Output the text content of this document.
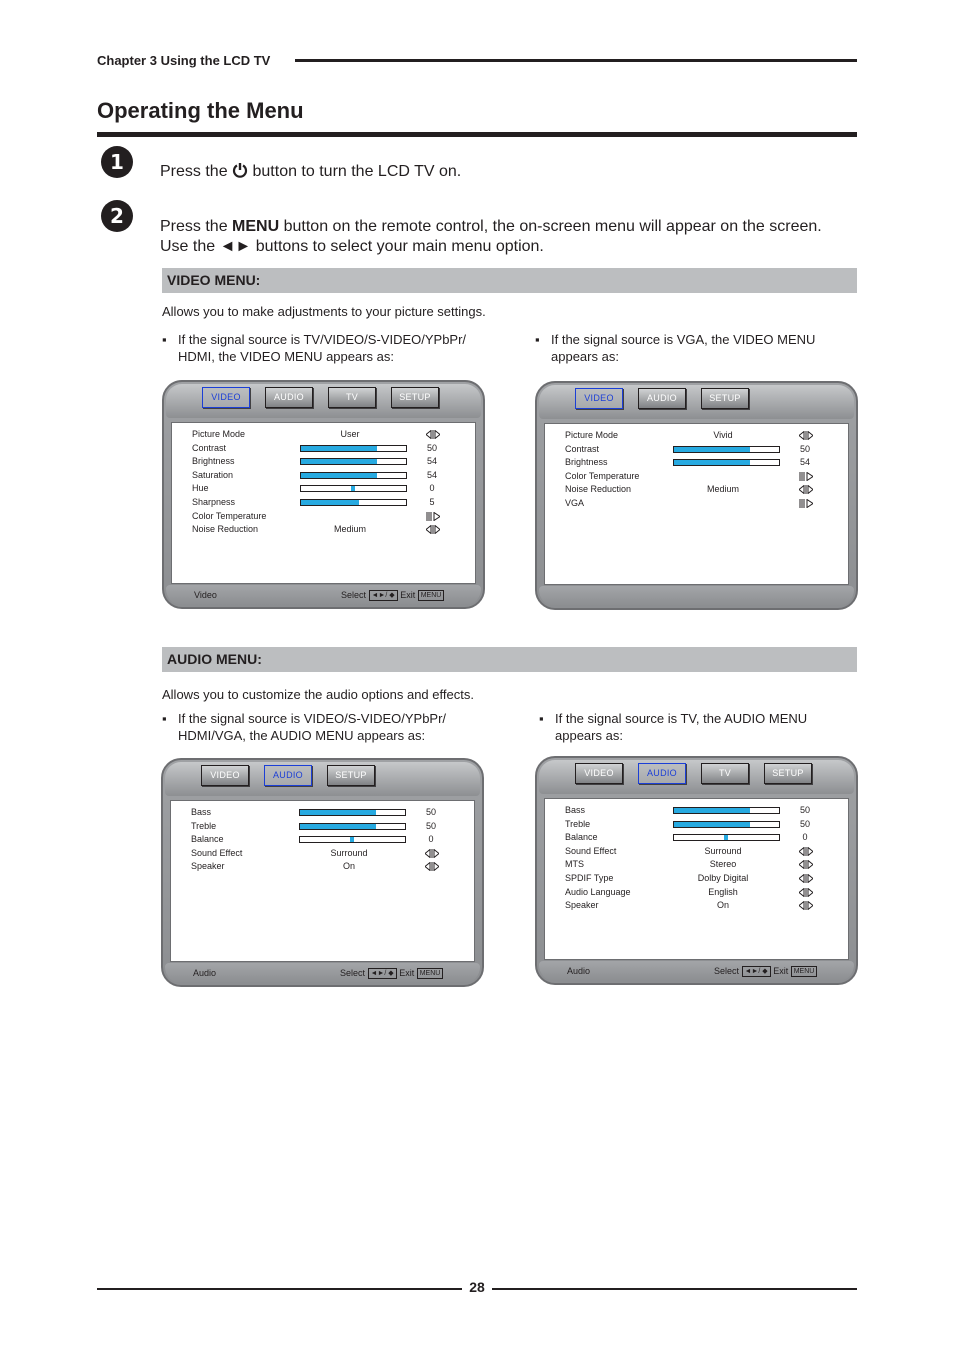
Chapter 3 Using the LCD TV
Operating the Menu
1	Press the button to turn the LCD TV on.
2	Press the MENU button on the remote control, the on-screen menu will appear on the screen. Use the ◄► buttons to select your main menu option.
VIDEO MENU:
Allows you to make adjustments to your picture settings.
▪ If the signal source is TV/VIDEO/S-VIDEO/YPbPr/ HDMI, the VIDEO MENU appears as:
▪ If the signal source is VGA, the VIDEO MENU appears as:
VIDEO	AUDIO	TV	SETUP
Picture Mode	User
Contrast	50
Brightness	54
Saturation	54
Hue	0
Sharpness	5
Color Temperature
Noise Reduction	Medium
Video	Select ◄►/ ◆ Exit MENU
VIDEO	AUDIO	SETUP
Picture Mode	Vivid
Contrast	50
Brightness	54
Color Temperature
Noise Reduction	Medium
VGA
AUDIO MENU:
Allows you to customize the audio options and effects.
▪ If the signal source is VIDEO/S-VIDEO/YPbPr/ HDMI/VGA, the AUDIO MENU appears as:
▪ If the signal source is TV, the AUDIO MENU appears as:
VIDEO	AUDIO	SETUP
Bass	50
Treble	50
Balance	0
Sound Effect	Surround
Speaker	On
Audio	Select ◄►/ ◆ Exit MENU
VIDEO	AUDIO	TV	SETUP
Bass	50
Treble	50
Balance	0
Sound Effect	Surround
MTS	Stereo
SPDIF Type	Dolby Digital
Audio Language	English
Speaker	On
Audio	Select ◄►/ ◆ Exit MENU
28
